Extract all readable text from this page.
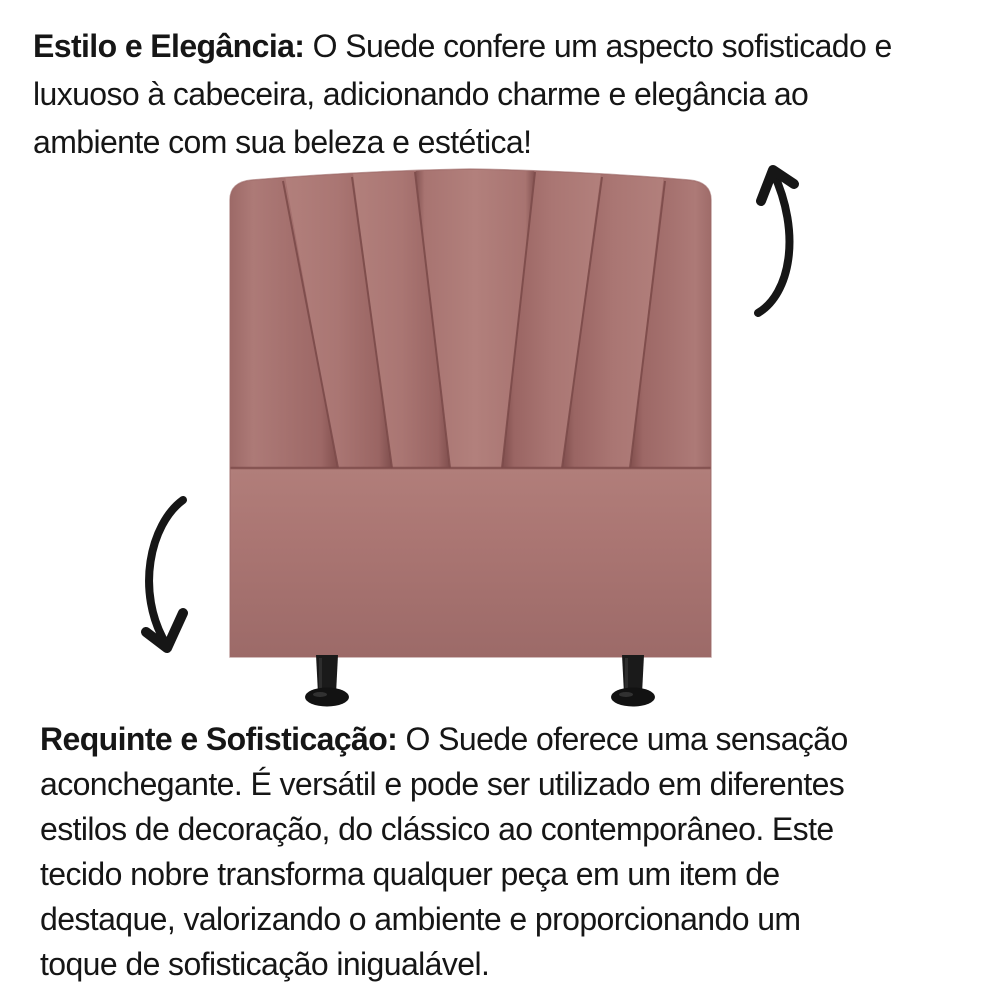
Estilo e Elegância: O Suede confere um aspecto sofisticado e
luxuoso à cabeceira, adicionando charme e elegância ao
ambiente com sua beleza e estética!

Requinte e Sofisticação: O Suede oferece uma sensação
aconchegante. É versátil e pode ser utilizado em diferentes
estilos de decoração, do clássico ao contemporâneo. Este
tecido nobre transforma qualquer peça em um item de
destaque, valorizando o ambiente e proporcionando um
toque de sofisticação inigualável.
